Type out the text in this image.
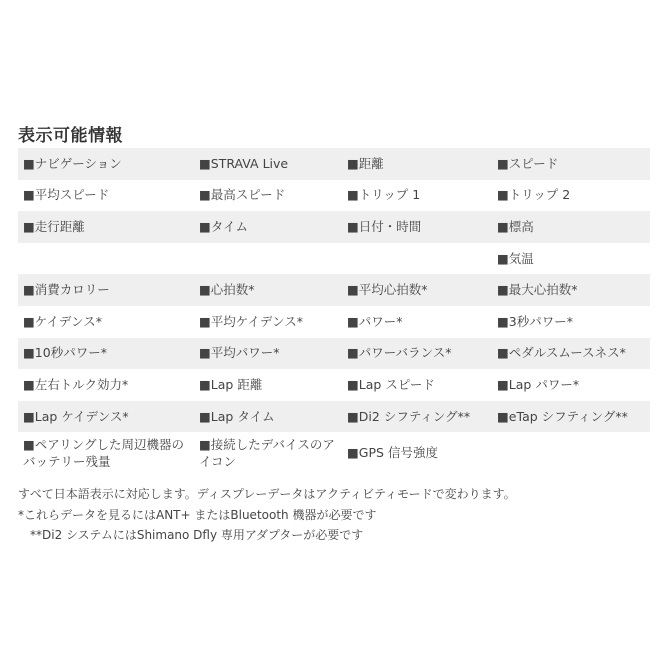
表示可能情報
■ナビゲーション	■STRAVA Live	■距離	■スピード
■平均スピード	■最高スピード	■トリップ 1	■トリップ 2
■走行距離	■タイム	■日付・時間	■標高
			■気温
■消費カロリー	■心拍数*	■平均心拍数*	■最大心拍数*
■ケイデンス*	■平均ケイデンス*	■パワー*	■3秒パワー*
■10秒パワー*	■平均パワー*	■パワーバランス*	■ペダルスムースネス*
■左右トルク効力*	■Lap 距離	■Lap スピード	■Lap パワー*
■Lap ケイデンス*	■Lap タイム	■Di2 シフティング**	■eTap シフティング**
■ペアリングした周辺機器のバッテリー残量	■接続したデバイスのアイコン	■GPS 信号強度	

すべて日本語表示に対応します。ディスプレーデータはアクティビティモードで変わります。

*これらデータを見るにはANT+ またはBluetooth 機器が必要です

**Di2 システムにはShimano Dfly 専用アダプターが必要です
